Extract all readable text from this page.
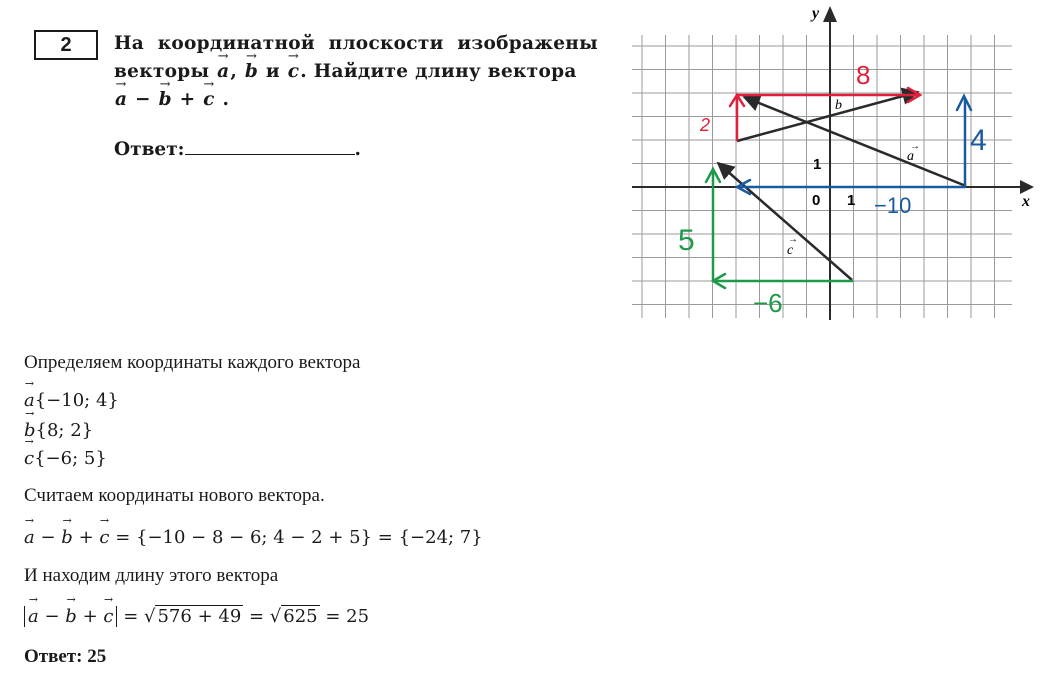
2	На координатной плоскости изображены векторы → a, → b и → c. Найдите длину вектора
→ a − → b + → c .
Ответ:	.
x
y
0 1
1	a
→
b
→
c
→
8
2	4
−10
5
−6
Определяем координаты каждого вектора
→ a{−10; 4}
→ b{8; 2}
→ c{−6; 5}
Считаем координаты нового вектора.
→ a − → b + → c = {−10 − 8 − 6; 4 − 2 + 5} = {−24; 7}
И находим длину этого вектора
→ a − → b + → c = √ 576 + 49 = √ 625 = 25
Ответ: 25
